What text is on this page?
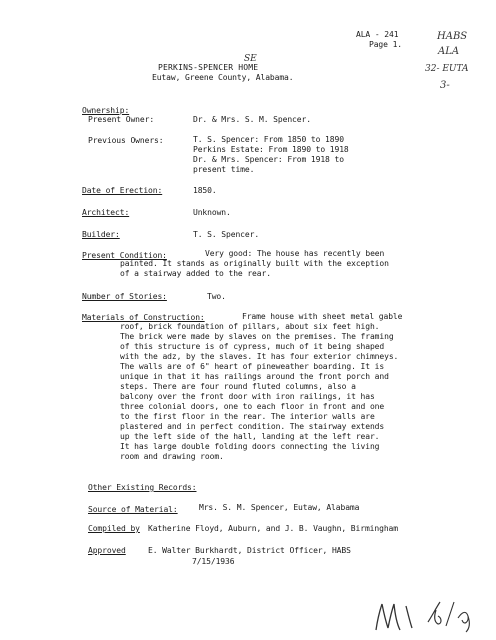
ALA - 241
Page 1.
PERKINS-SPENCER HOME
SE
Eutaw, Greene County, Alabama.
HABS
ALA
32- EUTA
3-
Ownership:
Present Owner:	Dr. & Mrs. S. M. Spencer.
Previous Owners:	T. S. Spencer: From 1850 to 1890
Perkins Estate: From 1890 to 1918
Dr. & Mrs. Spencer: From 1918 to
present time.
Date of Erection:	1850.
Architect:	Unknown.
Builder:	T. S. Spencer.
Present Condition:	Very good: The house has recently been
painted. It stands as originally built with the exception
of a stairway added to the rear.
Number of Stories:	Two.
Materials of Construction:	Frame house with sheet metal gable
roof, brick foundation of pillars, about six feet high.
The brick were made by slaves on the premises. The framing
of this structure is of cypress, much of it being shaped
with the adz, by the slaves. It has four exterior chimneys.
The walls are of 6" heart of pineweather boarding. It is
unique in that it has railings around the front porch and
steps. There are four round fluted columns, also a
balcony over the front door with iron railings, it has
three colonial doors, one to each floor in front and one
to the first floor in the rear. The interior walls are
plastered and in perfect condition. The stairway extends
up the left side of the hall, landing at the left rear.
It has large double folding doors connecting the living
room and drawing room.
Other Existing Records:
Source of Material:	Mrs. S. M. Spencer, Eutaw, Alabama
Compiled by Katherine Floyd, Auburn, and J. B. Vaughn, Birmingham
Approved	E. Walter Burkhardt, District Officer, HABS
7/15/1936
